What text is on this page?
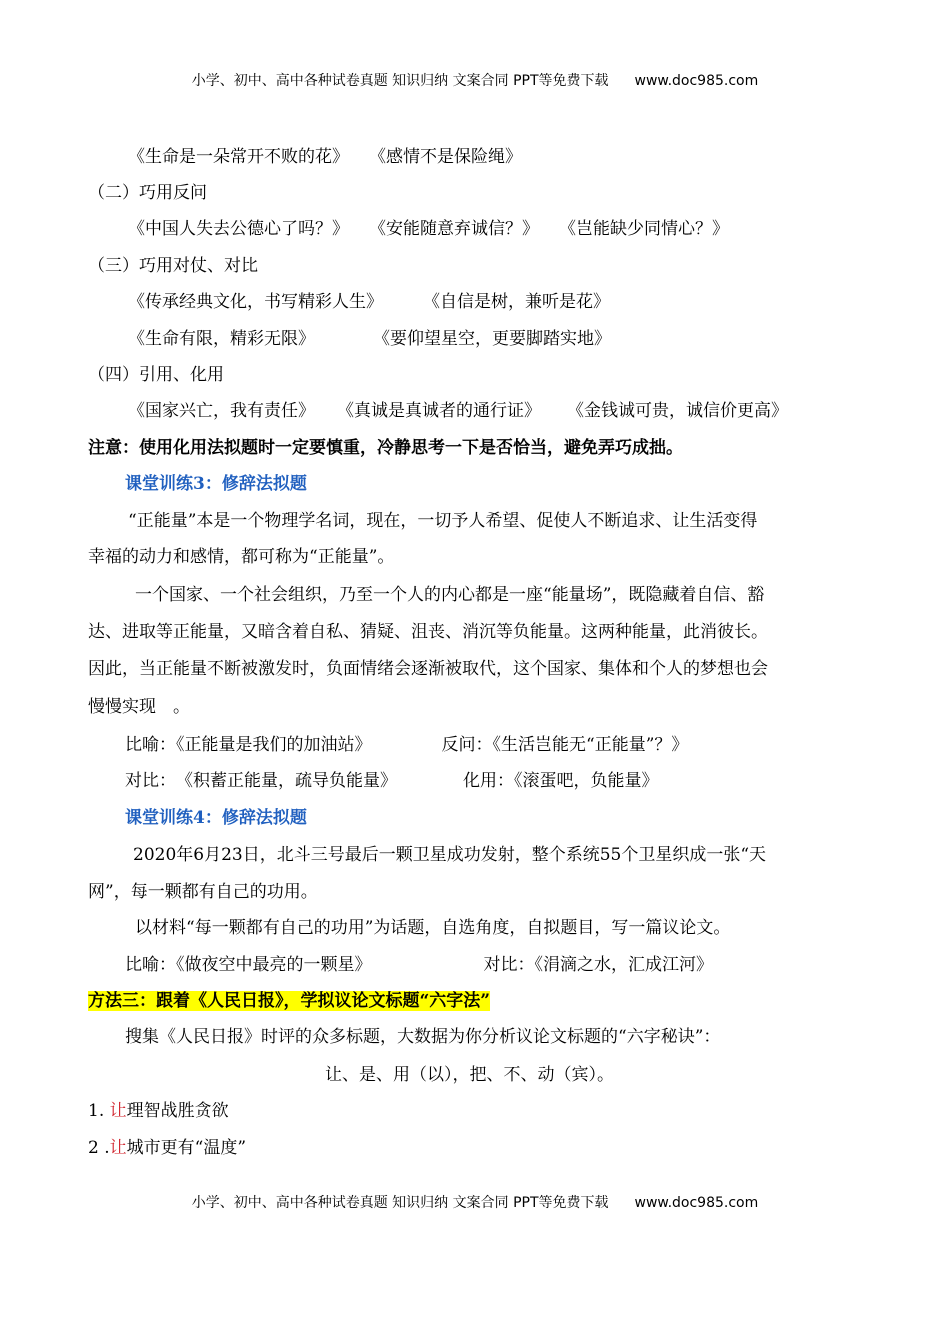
小学、初中、高中各种试卷真题 知识归纳 文案合同 PPT等免费下载 www.doc985.com
《生命是一朵常开不败的花》 《感情不是保险绳》
（二）巧用反问
《中国人失去公德心了吗？》 《安能随意弃诚信？》 《岂能缺少同情心？》
（三）巧用对仗、对比
《传承经典文化，书写精彩人生》 《自信是树，兼听是花》
《生命有限，精彩无限》	《要仰望星空，更要脚踏实地》
（四）引用、化用
《国家兴亡，我有责任》 《真诚是真诚者的通行证》 《金钱诚可贵，诚信价更高》
注意：使用化用法拟题时一定要慎重，冷静思考一下是否恰当，避免弄巧成拙。
课堂训练3：修辞法拟题
“正能量”本是一个物理学名词，现在，一切予人希望、促使人不断追求、让生活变得
幸福的动力和感情，都可称为“正能量”。
一个国家、一个社会组织，乃至一个人的内心都是一座“能量场”，既隐藏着自信、豁
达、进取等正能量，又暗含着自私、猜疑、沮丧、消沉等负能量。这两种能量，此消彼长。
因此，当正能量不断被激发时，负面情绪会逐渐被取代，这个国家、集体和个人的梦想也会
慢慢实现　。
比喻：《正能量是我们的加油站》	反问：《生活岂能无“正能量”？》
对比：　《积蓄正能量，疏导负能量》	化用：《滚蛋吧，负能量》
课堂训练4：修辞法拟题
2020年6月23日，北斗三号最后一颗卫星成功发射，整个系统55个卫星织成一张“天
网”，每一颗都有自己的功用。
以材料“每一颗都有自己的功用”为话题，自选角度，自拟题目，写一篇议论文。
比喻：《做夜空中最亮的一颗星》	对比：《涓滴之水，汇成江河》
方法三：跟着《人民日报》，学拟议论文标题“六字法”
搜集《人民日报》时评的众多标题，大数据为你分析议论文标题的“六字秘诀”：
让、是、用（以），把、不、动（宾）。
1. 让理智战胜贪欲
2 .让城市更有“温度”
小学、初中、高中各种试卷真题 知识归纳 文案合同 PPT等免费下载 www.doc985.com
